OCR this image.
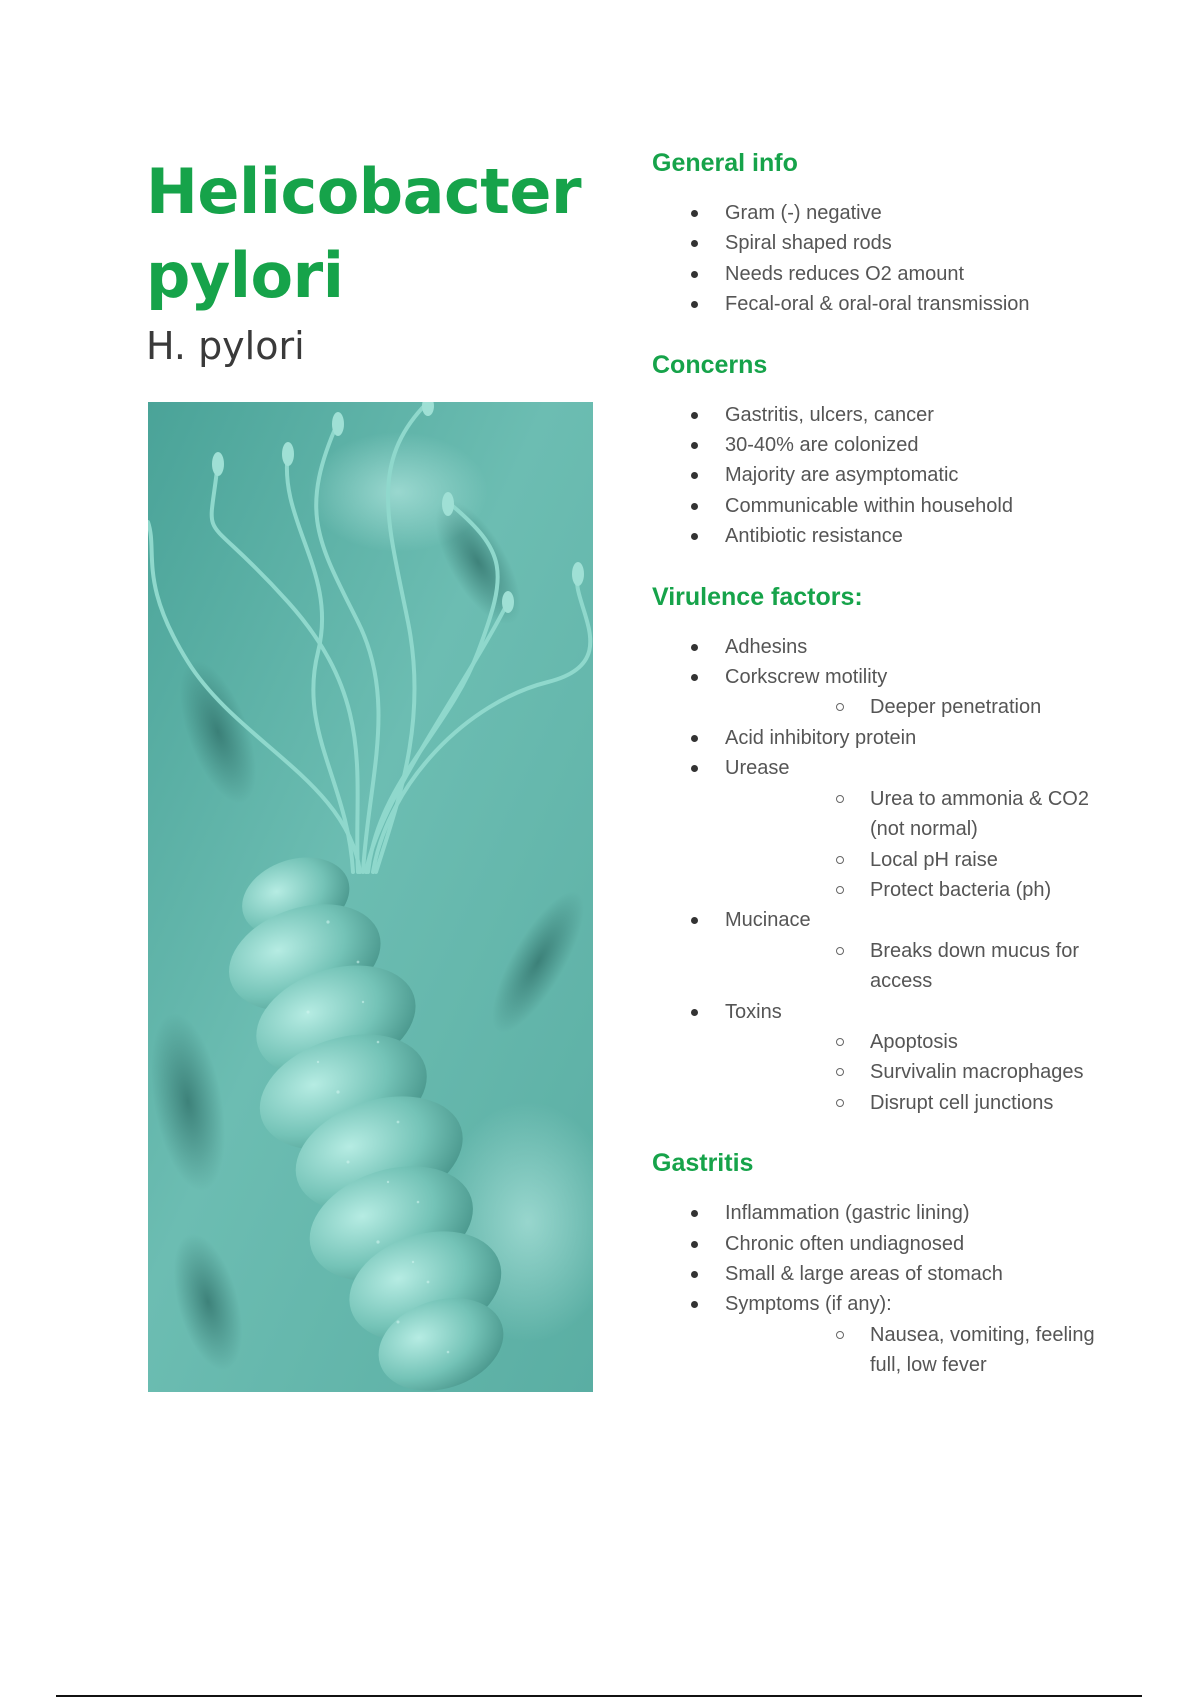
Helicobacter
pylori

H. pylori

General info
Gram (-) negative
Spiral shaped rods
Needs reduces O2 amount
Fecal-oral & oral-oral transmission
Concerns
Gastritis, ulcers, cancer
30-40% are colonized
Majority are asymptomatic
Communicable within household
Antibiotic resistance
Virulence factors:
Adhesins
Corkscrew motility
Deeper penetration
Acid inhibitory protein
Urease
Urea to ammonia & CO2 (not normal)
Local pH raise
Protect bacteria (ph)
Mucinace
Breaks down mucus for access
Toxins
Apoptosis
Survivalin macrophages
Disrupt cell junctions
Gastritis
Inflammation (gastric lining)
Chronic often undiagnosed
Small & large areas of stomach
Symptoms (if any):
Nausea, vomiting, feeling full, low fever
